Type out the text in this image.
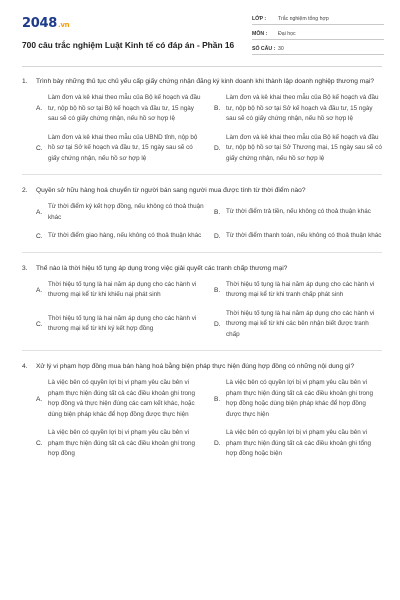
2048.vn
700 câu trắc nghiệm Luật Kinh tế có đáp án - Phần 16
LỚP :	Trắc nghiệm tổng hợp
MÔN :	Đại học
SỐ CÂU : 30
1.	Trình bày những thủ tục chủ yếu cấp giấy chứng nhận đăng ký kinh doanh khi thành lập doanh nghiệp thương mại?
A.
Làm đơn và kê khai theo mẫu của Bộ kế hoạch và đầu tư, nộp bộ hồ sơ tại Bộ kế hoạch và đầu tư, 15 ngày sau sẽ có giấy chứng nhận, nếu hồ sơ hợp lệ
B.
Làm đơn và kê khai theo mẫu của Bộ kế hoạch và đầu tư, nộp bộ hồ sơ tại Sở kế hoạch và đầu tư, 15 ngày sau sẽ có giấy chứng nhận, nếu hồ sơ hợp lệ
C.
Làm đơn và kê khai theo mẫu của UBND tỉnh, nộp bộ hồ sơ tại Sở kế hoạch và đầu tư, 15 ngày sau sẽ có giấy chứng nhận, nếu hồ sơ hợp lệ
D.
Làm đơn và kê khai theo mẫu của Bộ kế hoạch và đầu tư, nộp bộ hồ sơ tại Sở Thương mại, 15 ngày sau sẽ có giấy chứng nhận, nếu hồ sơ hợp lệ
2.	Quyền sở hữu hàng hoá chuyển từ người bán sang người mua được tính từ thời điểm nào?
A.
Từ thời điểm ký kết hợp đồng, nếu không có thoả thuận khác
B. Từ thời điểm trả tiền, nếu không có thoả thuận khác
C. Từ thời điểm giao hàng, nếu không có thoả thuận khác D. Từ thời điểm thanh toán, nếu không có thoả thuận khác
3.	Thế nào là thời hiệu tố tụng áp dụng trong việc giải quyết các tranh chấp thương mại?
A.
Thời hiệu tố tụng là hai năm áp dụng cho các hành vi thương mại kể từ khi khiếu nại phát sinh
B.
Thời hiệu tố tụng là hai năm áp dụng cho các hành vi thương mại kể từ khi tranh chấp phát sinh
C.
Thời hiệu tố tụng là hai năm áp dụng cho các hành vi thương mại kể từ khi ký kết hợp đồng
D.
Thời hiệu tố tụng là hai năm áp dụng cho các hành vi thương mại kể từ khi các bên nhận biết được tranh chấp
4.	Xử lý vi phạm hợp đồng mua bán hàng hoá bằng biện pháp thực hiện đúng hợp đồng có những nội dung gì?
A.
Là việc bên có quyền lợi bị vi phạm yêu cầu bên vi phạm thực hiện đúng tất cả các điều khoản ghi trong hợp đồng và thực hiện đúng các cam kết khác, hoặc dùng biện pháp khác để hợp đồng được thực hiện
B.
Là việc bên có quyền lợi bị vi phạm yêu cầu bên vi phạm thực hiện đúng tất cả các điều khoản ghi trong hợp đồng hoặc dùng biện pháp khác để hợp đồng được thực hiện
C.
Là việc bên có quyền lợi bị vi phạm yêu cầu bên vi phạm thực hiện đúng tất cả các điều khoản ghi trong hợp đồng
D.
Là việc bên có quyền lợi bị vi phạm yêu cầu bên vi phạm thực hiện đúng tất cả các điều khoản ghi tổng hợp đồng hoặc biện
